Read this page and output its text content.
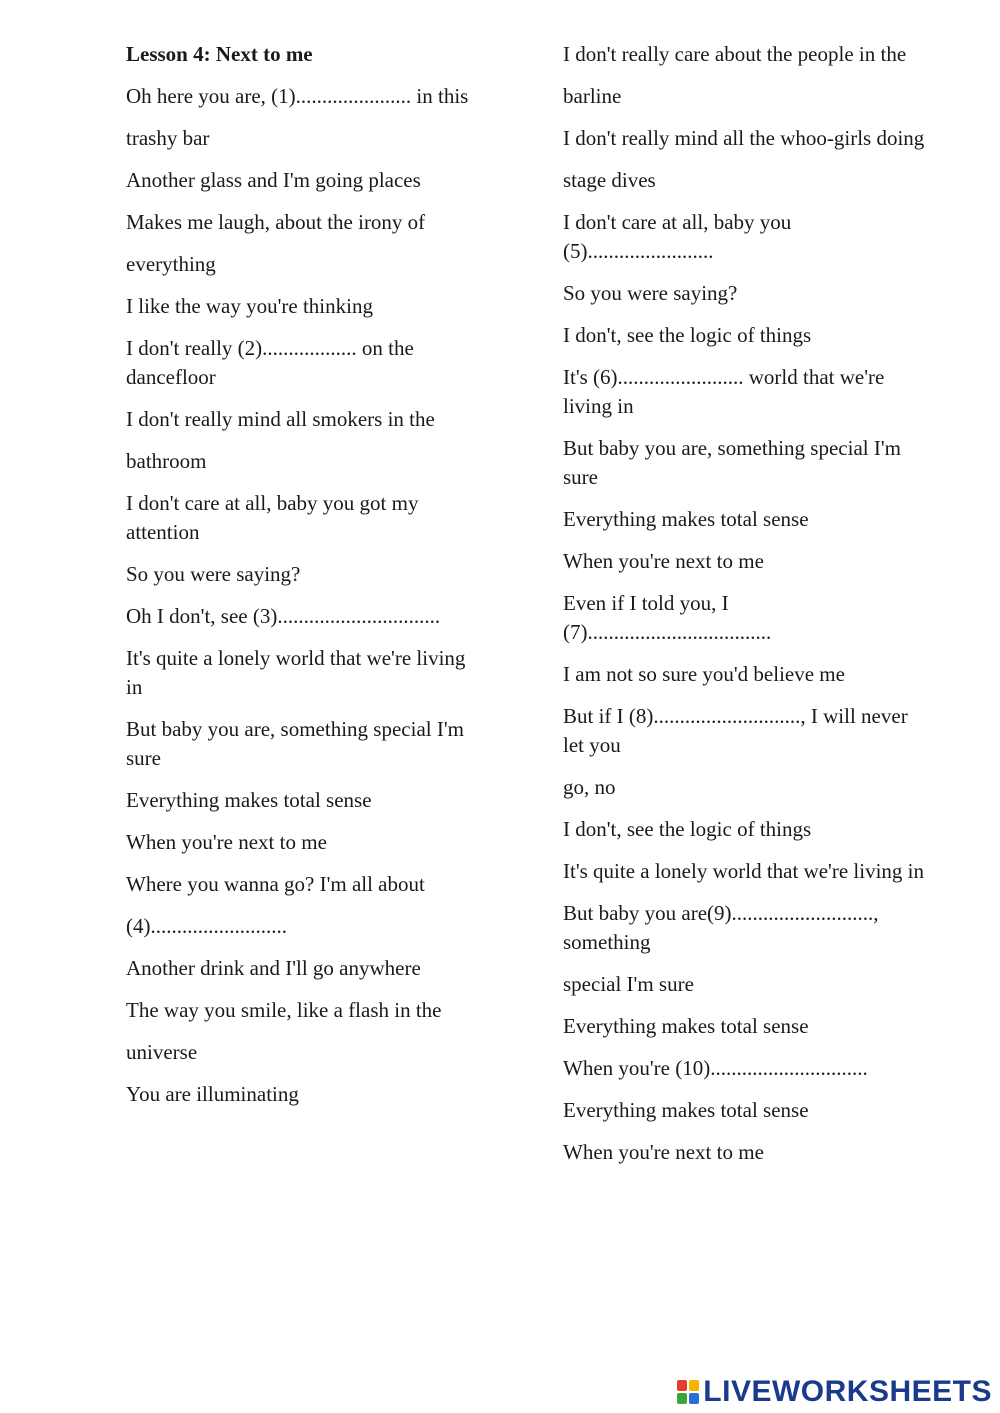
Lesson 4: Next to me
Oh here you are, (1)...................... in this
trashy bar
Another glass and I'm going places
Makes me laugh, about the irony of
everything
I like the way you're thinking
I don't really (2).................. on the dancefloor
I don't really mind all smokers in the
bathroom
I don't care at all, baby you got my attention
So you were saying?
Oh I don't, see (3)...............................
It's quite a lonely world that we're living in
But baby you are, something special I'm sure
Everything makes total sense
When you're next to me
Where you wanna go? I'm all about
(4)..........................
Another drink and I'll go anywhere
The way you smile, like a flash in the
universe
You are illuminating
I don't really care about the people in the
barline
I don't really mind all the whoo-girls doing
stage dives
I don't care at all, baby you (5)........................
So you were saying?
I don't, see the logic of things
It's (6)........................ world that we're living in
But baby you are, something special I'm sure
Everything makes total sense
When you're next to me
Even if I told you, I (7)...................................
I am not so sure you'd believe me
But if I (8)............................, I will never let you
go, no
I don't, see the logic of things
It's quite a lonely world that we're living in
But baby you are(9)..........................., something
special I'm sure
Everything makes total sense
When you're (10)..............................
Everything makes total sense
When you're next to me
LIVEWORKSHEETS
